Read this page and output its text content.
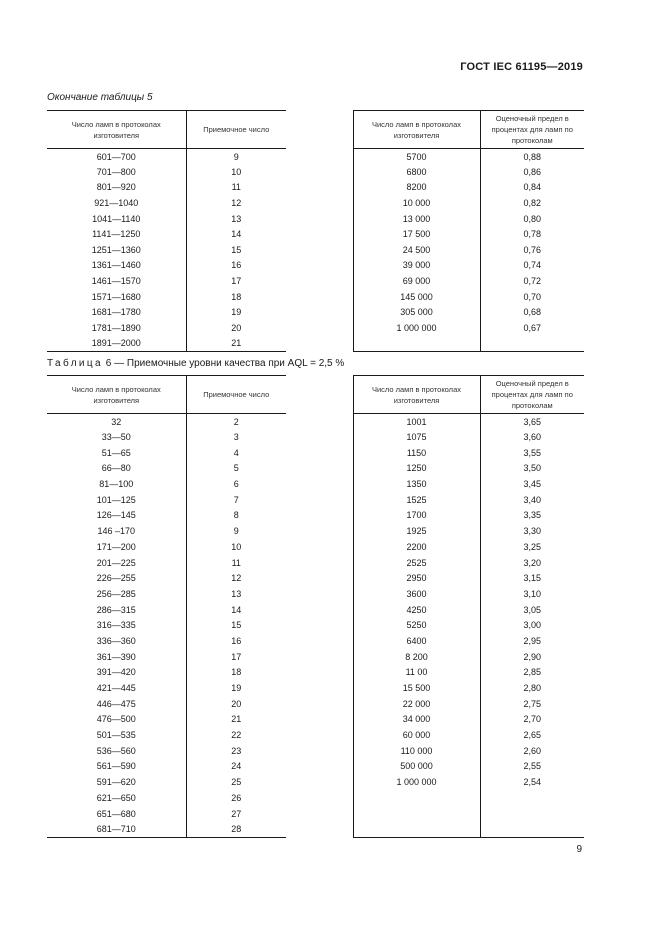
ГОСТ IEC 61195—2019
Окончание таблицы 5
Число ламп в протоколах изготовителя	Приемочное число		Число ламп в протоколах изготовителя	Оценочный предел в процентах для ламп по протоколам
601—700	9		5700	0,88
701—800	10		6800	0,86
801—920	11		8200	0,84
921—1040	12		10 000	0,82
1041—1140	13		13 000	0,80
1141—1250	14		17 500	0,78
1251—1360	15		24 500	0,76
1361—1460	16		39 000	0,74
1461—1570	17		69 000	0,72
1571—1680	18		145 000	0,70
1681—1780	19		305 000	0,68
1781—1890	20		1 000 000	0,67
1891—2000	21			
Таблица 6 — Приемочные уровни качества при AQL = 2,5 %
Число ламп в протоколах изготовителя	Приемочное число		Число ламп в протоколах изготовителя	Оценочный предел в процентах для ламп по протоколам
32	2		1001	3,65
33—50	3		1075	3,60
51—65	4		1150	3,55
66—80	5		1250	3,50
81—100	6		1350	3,45
101—125	7		1525	3,40
126—145	8		1700	3,35
146 –170	9		1925	3,30
171—200	10		2200	3,25
201—225	11		2525	3,20
226—255	12		2950	3,15
256—285	13		3600	3,10
286—315	14		4250	3,05
316—335	15		5250	3,00
336—360	16		6400	2,95
361—390	17		8 200	2,90
391—420	18		11 00	2,85
421—445	19		15 500	2,80
446—475	20		22 000	2,75
476—500	21		34 000	2,70
501—535	22		60 000	2,65
536—560	23		110 000	2,60
561—590	24		500 000	2,55
591—620	25		1 000 000	2,54
621—650	26			
651—680	27			
681—710	28			
9
